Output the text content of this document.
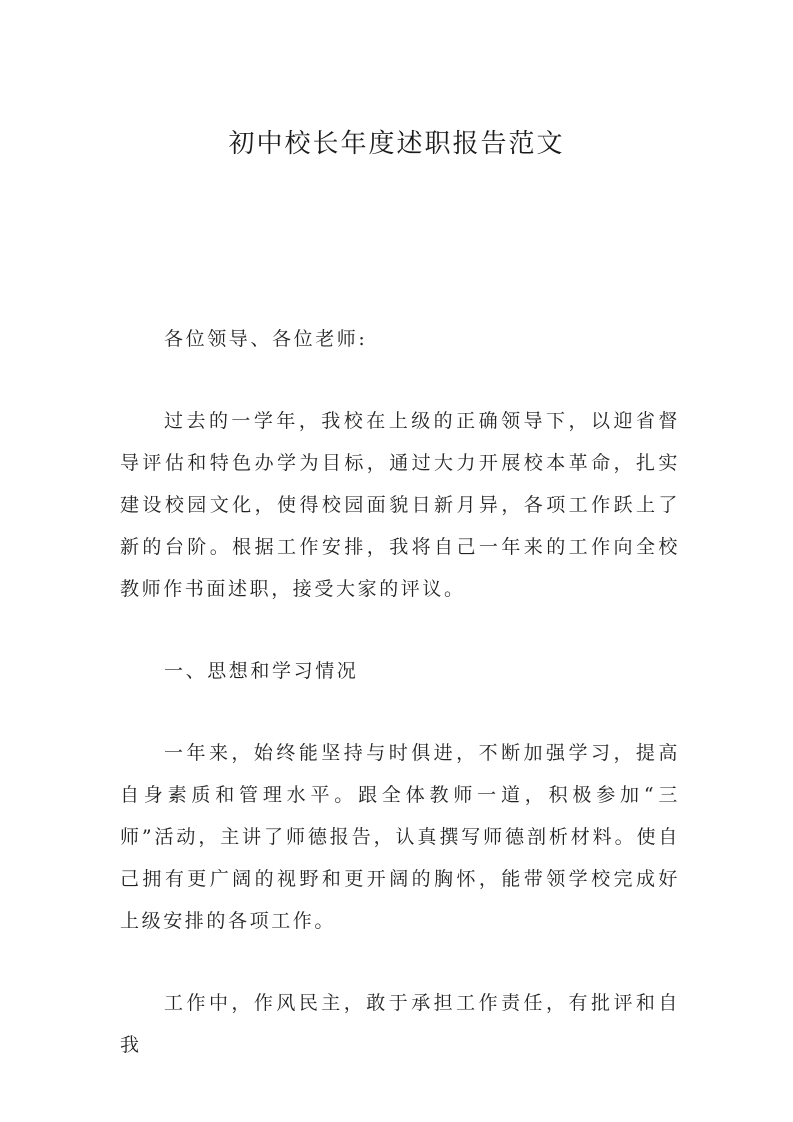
初中校长年度述职报告范文

各位领导、各位老师:

过去的一学年，我校在上级的正确领导下，以迎省督导评估和特色办学为目标，通过大力开展校本革命，扎实建设校园文化，使得校园面貌日新月异，各项工作跃上了新的台阶。根据工作安排，我将自己一年来的工作向全校教师作书面述职，接受大家的评议。

一、思想和学习情况

一年来，始终能坚持与时俱进，不断加强学习，提高自身素质和管理水平。跟全体教师一道，积极参加“三师”活动，主讲了师德报告，认真撰写师德剖析材料。使自己拥有更广阔的视野和更开阔的胸怀，能带领学校完成好上级安排的各项工作。

工作中，作风民主，敢于承担工作责任，有批评和自我
